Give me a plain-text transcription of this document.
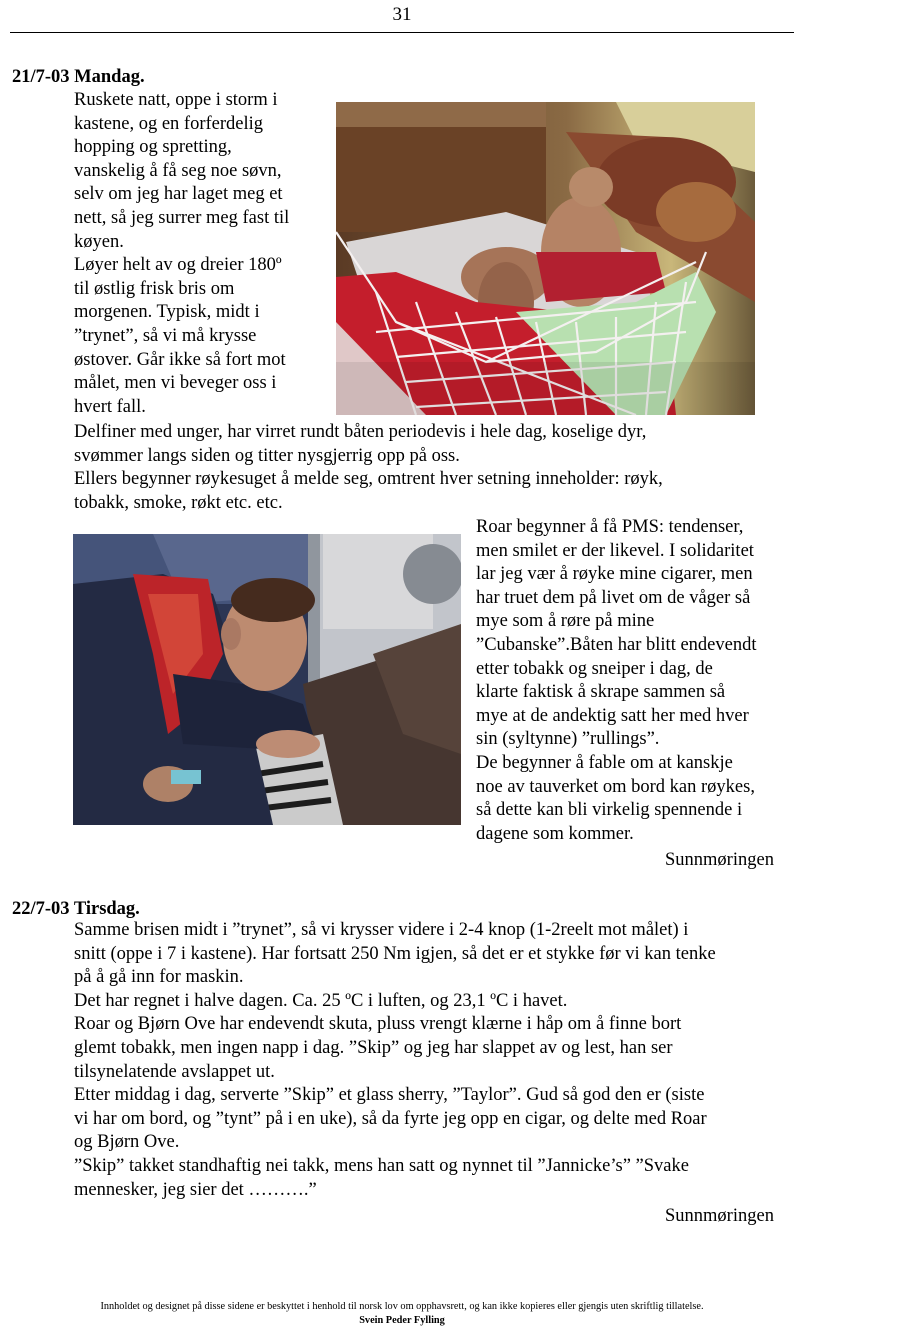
31
21/7-03 Mandag.
Ruskete natt, oppe i storm i
kastene, og en forferdelig
hopping og spretting,
vanskelig å få seg noe søvn,
selv om jeg har laget meg et
nett, så jeg surrer meg fast til
køyen.
Løyer helt av og dreier 180º
til østlig frisk bris om
morgenen. Typisk, midt i
”trynet”, så vi må krysse
østover. Går ikke så fort mot
målet, men vi beveger oss i
hvert fall.
Delfiner med unger, har virret rundt båten periodevis i hele dag, koselige dyr,
svømmer langs siden og titter nysgjerrig opp på oss.
Ellers begynner røykesuget å melde seg, omtrent hver setning inneholder: røyk,
tobakk, smoke, røkt etc. etc.
Roar begynner å få PMS: tendenser,
men smilet er der likevel. I solidaritet
lar jeg vær å røyke mine cigarer, men
har truet dem på livet om de våger så
mye som å røre på mine
”Cubanske”.Båten har blitt endevendt
etter tobakk og sneiper i dag, de
klarte faktisk å skrape sammen så
mye at de andektig satt her med hver
sin (syltynne) ”rullings”.
De begynner å fable om at kanskje
noe av tauverket om bord kan røykes,
så dette kan bli virkelig spennende i
dagene som kommer.
Sunnmøringen
22/7-03 Tirsdag.
Samme brisen midt i ”trynet”, så vi krysser videre i 2-4 knop (1-2reelt mot målet) i
snitt (oppe i 7 i kastene). Har fortsatt 250 Nm igjen, så det er et stykke før vi kan tenke
på å gå inn for maskin.
Det har regnet i halve dagen. Ca. 25 ºC i luften, og 23,1 ºC i havet.
Roar og Bjørn Ove har endevendt skuta, pluss vrengt klærne i håp om å finne bort
glemt tobakk, men ingen napp i dag. ”Skip” og jeg har slappet av og lest, han ser
tilsynelatende avslappet ut.
Etter middag i dag, serverte ”Skip” et glass sherry, ”Taylor”. Gud så god den er (siste
vi har om bord, og ”tynt” på i en uke), så da fyrte jeg opp en cigar, og delte med Roar
og Bjørn Ove.
”Skip” takket standhaftig nei takk, mens han satt og nynnet til ”Jannicke’s” ”Svake
mennesker, jeg sier det ……….”
Sunnmøringen
Innholdet og designet på disse sidene er beskyttet i henhold til norsk lov om opphavsrett, og kan ikke kopieres eller gjengis uten skriftlig tillatelse.
Svein Peder Fylling
